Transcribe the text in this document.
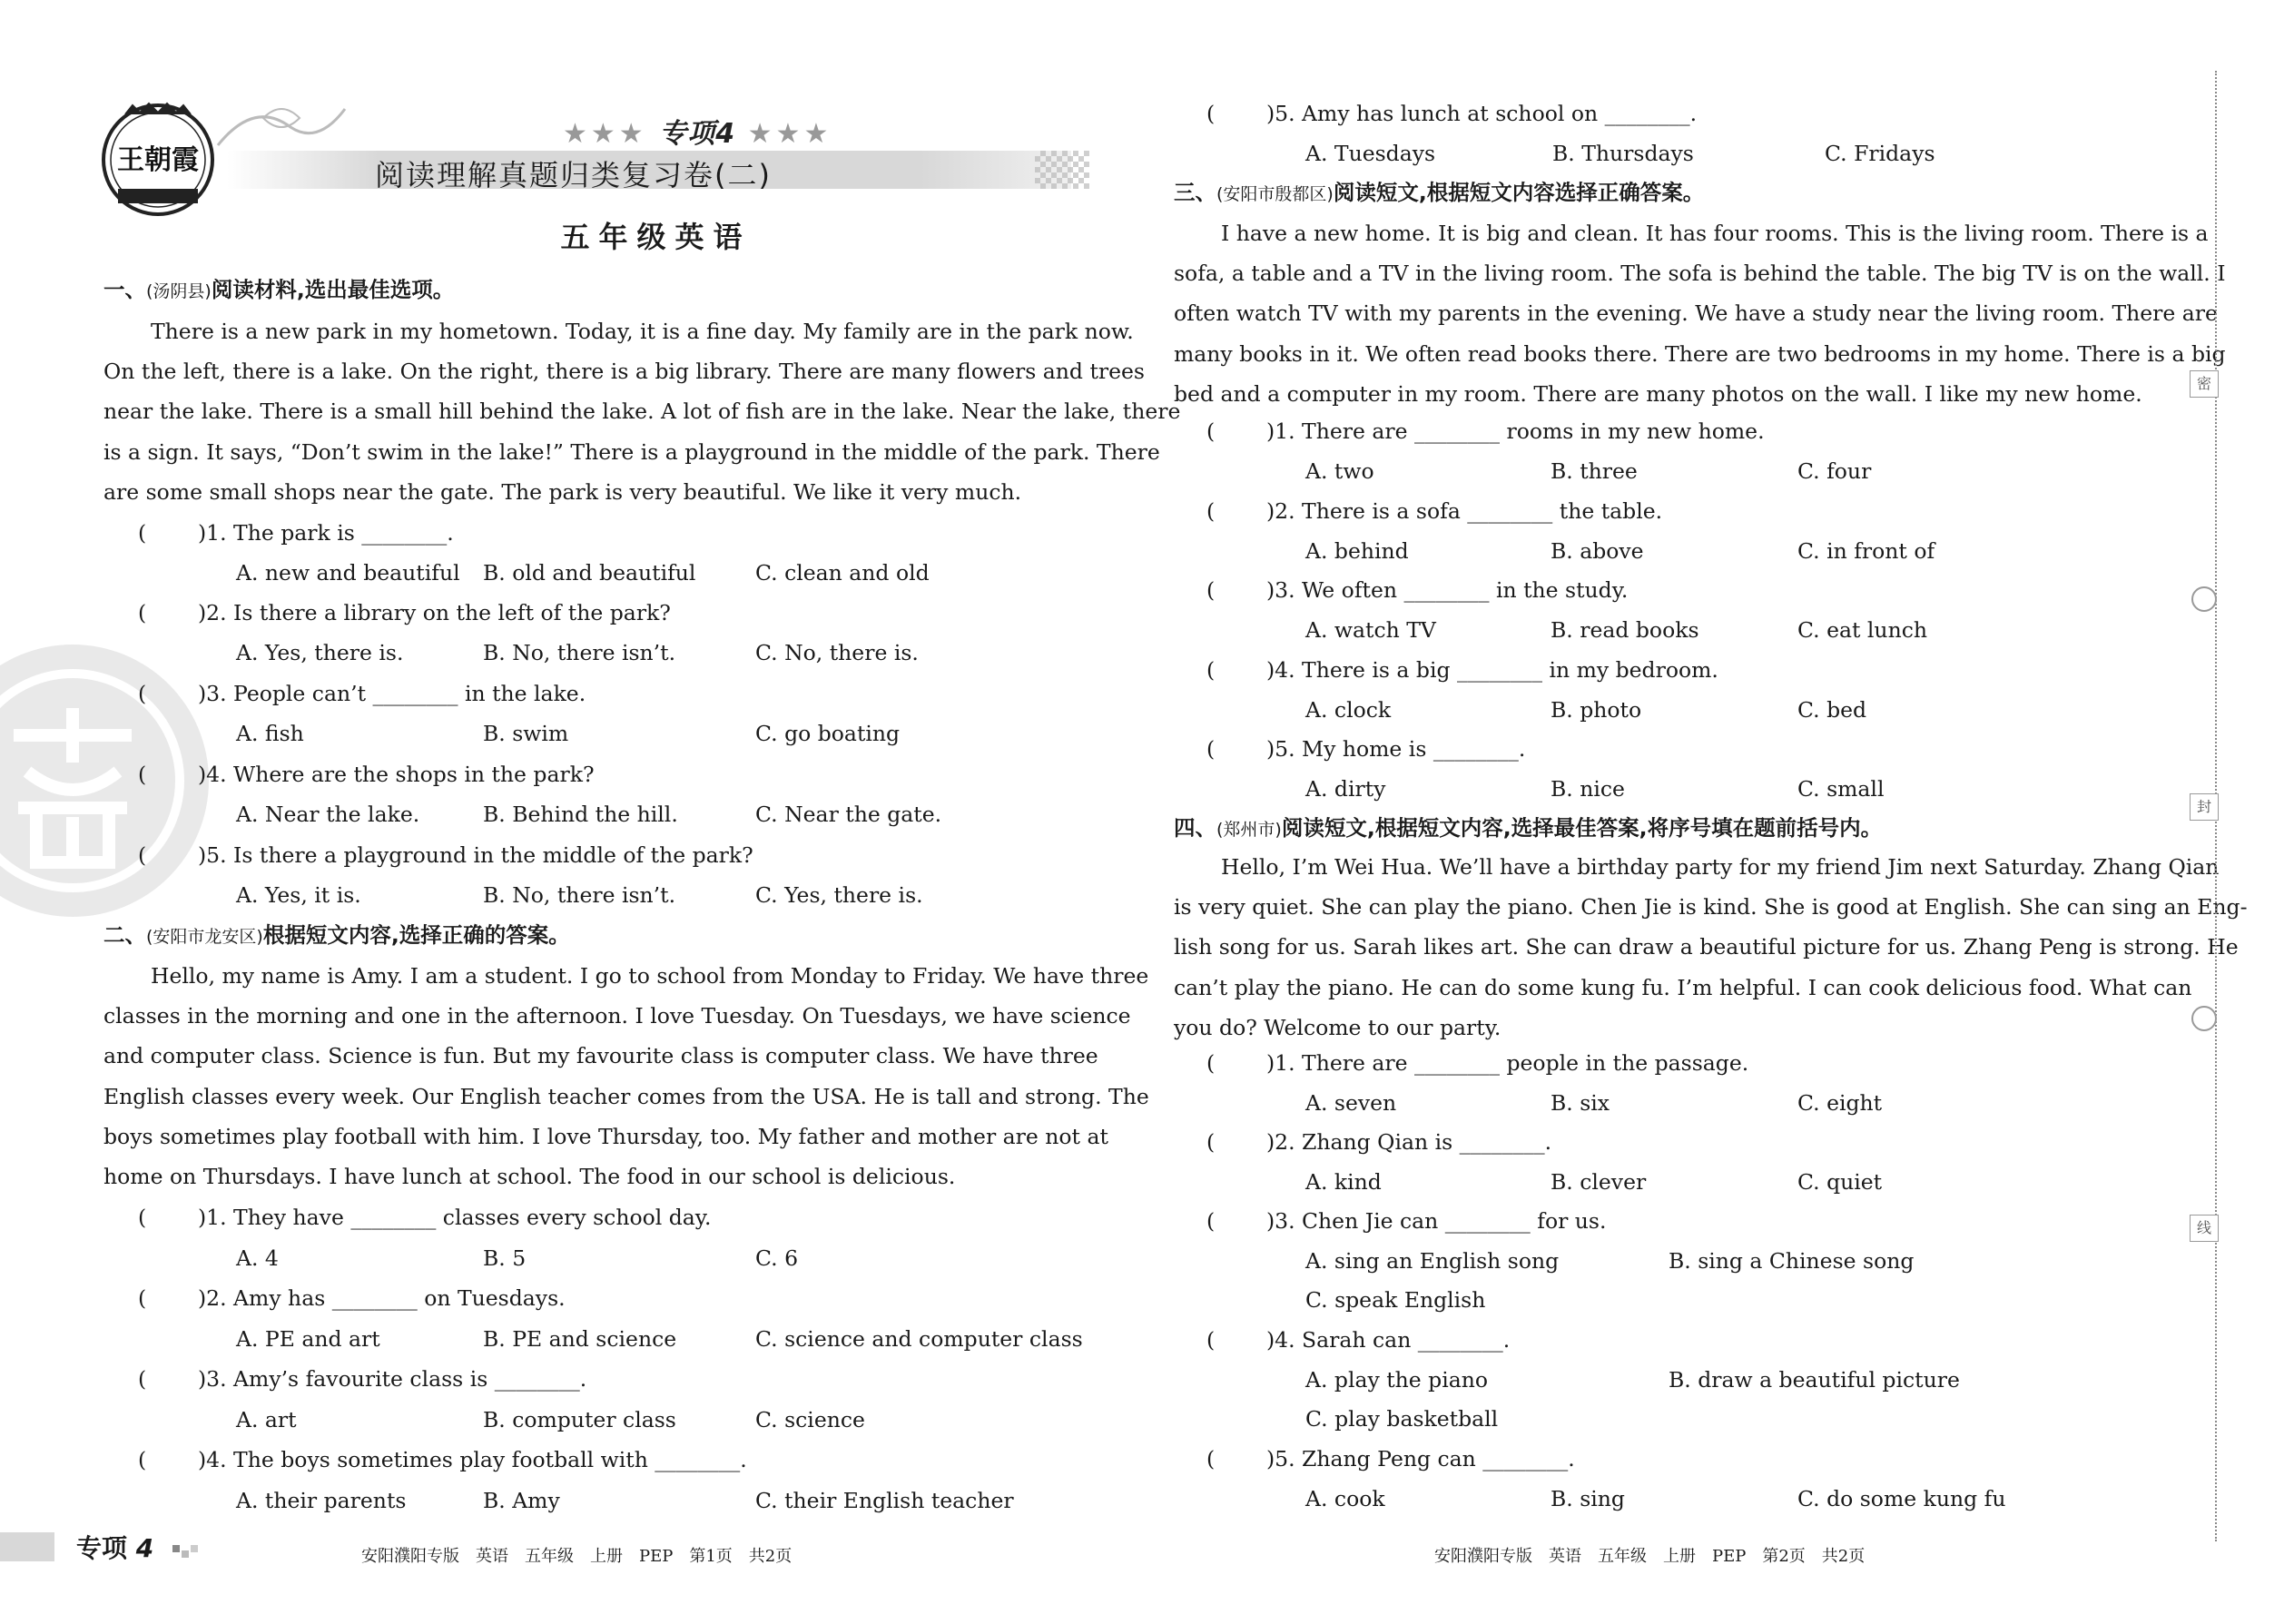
王朝霞
★★★ 专项4 ★★★
阅读理解真题归类复习卷(二)
五年级英语
一、(汤阴县)阅读材料,选出最佳选项。
There is a new park in my hometown. Today, it is a fine day. My family are in the park now.
On the left, there is a lake. On the right, there is a big library. There are many flowers and trees
near the lake. There is a small hill behind the lake. A lot of fish are in the lake. Near the lake, there
is a sign. It says, “Don’t swim in the lake!” There is a playground in the middle of the park. There
are some small shops near the gate. The park is very beautiful. We like it very much.
( )1. The park is ________.
A. new and beautiful B. old and beautiful	C. clean and old
( )2. Is there a library on the left of the park?
A. Yes, there is.	B. No, there isn’t.	C. No, there is.
( )3. People can’t ________ in the lake.
A. fish	B. swim	C. go boating
( )4. Where are the shops in the park?
A. Near the lake.	B. Behind the hill.	C. Near the gate.
( )5. Is there a playground in the middle of the park?
A. Yes, it is.	B. No, there isn’t.	C. Yes, there is.
二、(安阳市龙安区)根据短文内容,选择正确的答案。
Hello, my name is Amy. I am a student. I go to school from Monday to Friday. We have three
classes in the morning and one in the afternoon. I love Tuesday. On Tuesdays, we have science
and computer class. Science is fun. But my favourite class is computer class. We have three
English classes every week. Our English teacher comes from the USA. He is tall and strong. The
boys sometimes play football with him. I love Thursday, too. My father and mother are not at
home on Thursdays. I have lunch at school. The food in our school is delicious.
( )1. They have ________ classes every school day.
A. 4	B. 5	C. 6
( )2. Amy has ________ on Tuesdays.
A. PE and art	B. PE and science	C. science and computer class
( )3. Amy’s favourite class is ________.
A. art	B. computer class	C. science
( )4. The boys sometimes play football with ________.
A. their parents	B. Amy	C. their English teacher
专项 4	安阳濮阳专版　英语　五年级　上册　PEP　第1页　共2页
( )5. Amy has lunch at school on ________.
A. Tuesdays	B. Thursdays	C. Fridays
三、(安阳市殷都区)阅读短文,根据短文内容选择正确答案。
I have a new home. It is big and clean. It has four rooms. This is the living room. There is a
sofa, a table and a TV in the living room. The sofa is behind the table. The big TV is on the wall. I
often watch TV with my parents in the evening. We have a study near the living room. There are
many books in it. We often read books there. There are two bedrooms in my home. There is a big
bed and a computer in my room. There are many photos on the wall. I like my new home.
( )1. There are ________ rooms in my new home.
A. two	B. three	C. four
( )2. There is a sofa ________ the table.
A. behind	B. above	C. in front of
( )3. We often ________ in the study.
A. watch TV	B. read books	C. eat lunch
( )4. There is a big ________ in my bedroom.
A. clock	B. photo	C. bed
( )5. My home is ________.
A. dirty	B. nice	C. small
四、(郑州市)阅读短文,根据短文内容,选择最佳答案,将序号填在题前括号内。
Hello, I’m Wei Hua. We’ll have a birthday party for my friend Jim next Saturday. Zhang Qian
is very quiet. She can play the piano. Chen Jie is kind. She is good at English. She can sing an Eng-
lish song for us. Sarah likes art. She can draw a beautiful picture for us. Zhang Peng is strong. He
can’t play the piano. He can do some kung fu. I’m helpful. I can cook delicious food. What can
you do? Welcome to our party.
( )1. There are ________ people in the passage.
A. seven	B. six	C. eight
( )2. Zhang Qian is ________.
A. kind	B. clever	C. quiet
( )3. Chen Jie can ________ for us.
A. sing an English song	B. sing a Chinese song
C. speak English
( )4. Sarah can ________.
A. play the piano	B. draw a beautiful picture
C. play basketball
( )5. Zhang Peng can ________.
A. cook	B. sing	C. do some kung fu
安阳濮阳专版　英语　五年级　上册　PEP　第2页　共2页
密
封
线
